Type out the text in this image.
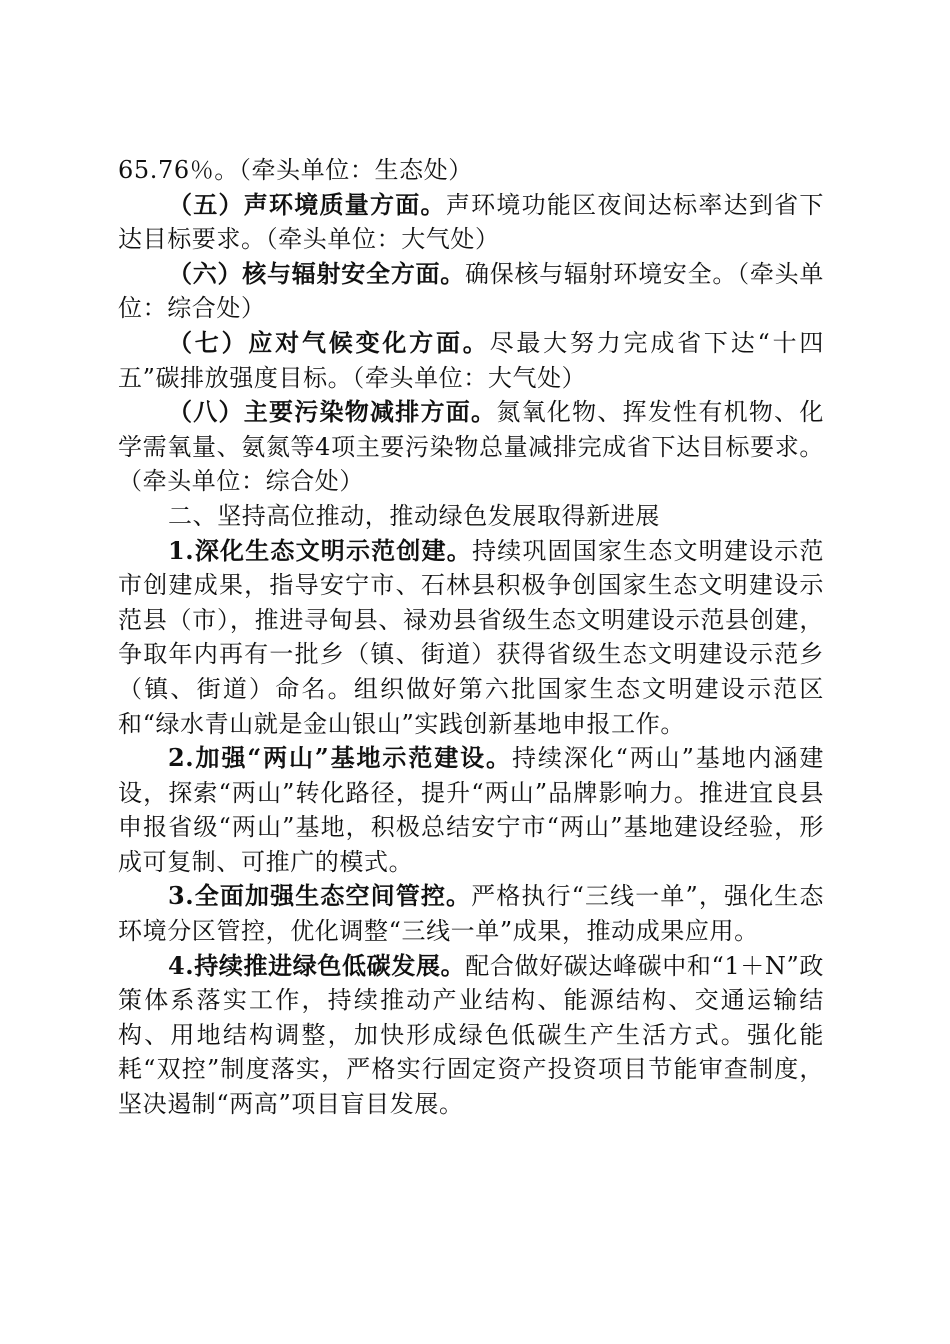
65.76％。（牵头单位：生态处）

（五）声环境质量方面。声环境功能区夜间达标率达到省下达目标要求。（牵头单位：大气处）

（六）核与辐射安全方面。确保核与辐射环境安全。（牵头单位：综合处）

（七）应对气候变化方面。尽最大努力完成省下达“十四五”碳排放强度目标。（牵头单位：大气处）

（八）主要污染物减排方面。氮氧化物、挥发性有机物、化学需氧量、氨氮等4项主要污染物总量减排完成省下达目标要求。（牵头单位：综合处）

二、坚持高位推动，推动绿色发展取得新进展

1.深化生态文明示范创建。持续巩固国家生态文明建设示范市创建成果，指导安宁市、石林县积极争创国家生态文明建设示范县（市），推进寻甸县、禄劝县省级生态文明建设示范县创建，争取年内再有一批乡（镇、街道）获得省级生态文明建设示范乡（镇、街道）命名。组织做好第六批国家生态文明建设示范区和“绿水青山就是金山银山”实践创新基地申报工作。

2.加强“两山”基地示范建设。持续深化“两山”基地内涵建设，探索“两山”转化路径，提升“两山”品牌影响力。推进宜良县申报省级“两山”基地，积极总结安宁市“两山”基地建设经验，形成可复制、可推广的模式。

3.全面加强生态空间管控。严格执行“三线一单”，强化生态环境分区管控，优化调整“三线一单”成果，推动成果应用。

4.持续推进绿色低碳发展。配合做好碳达峰碳中和“1＋N”政策体系落实工作，持续推动产业结构、能源结构、交通运输结构、用地结构调整，加快形成绿色低碳生产生活方式。强化能耗“双控”制度落实，严格实行固定资产投资项目节能审查制度，坚决遏制“两高”项目盲目发展。
